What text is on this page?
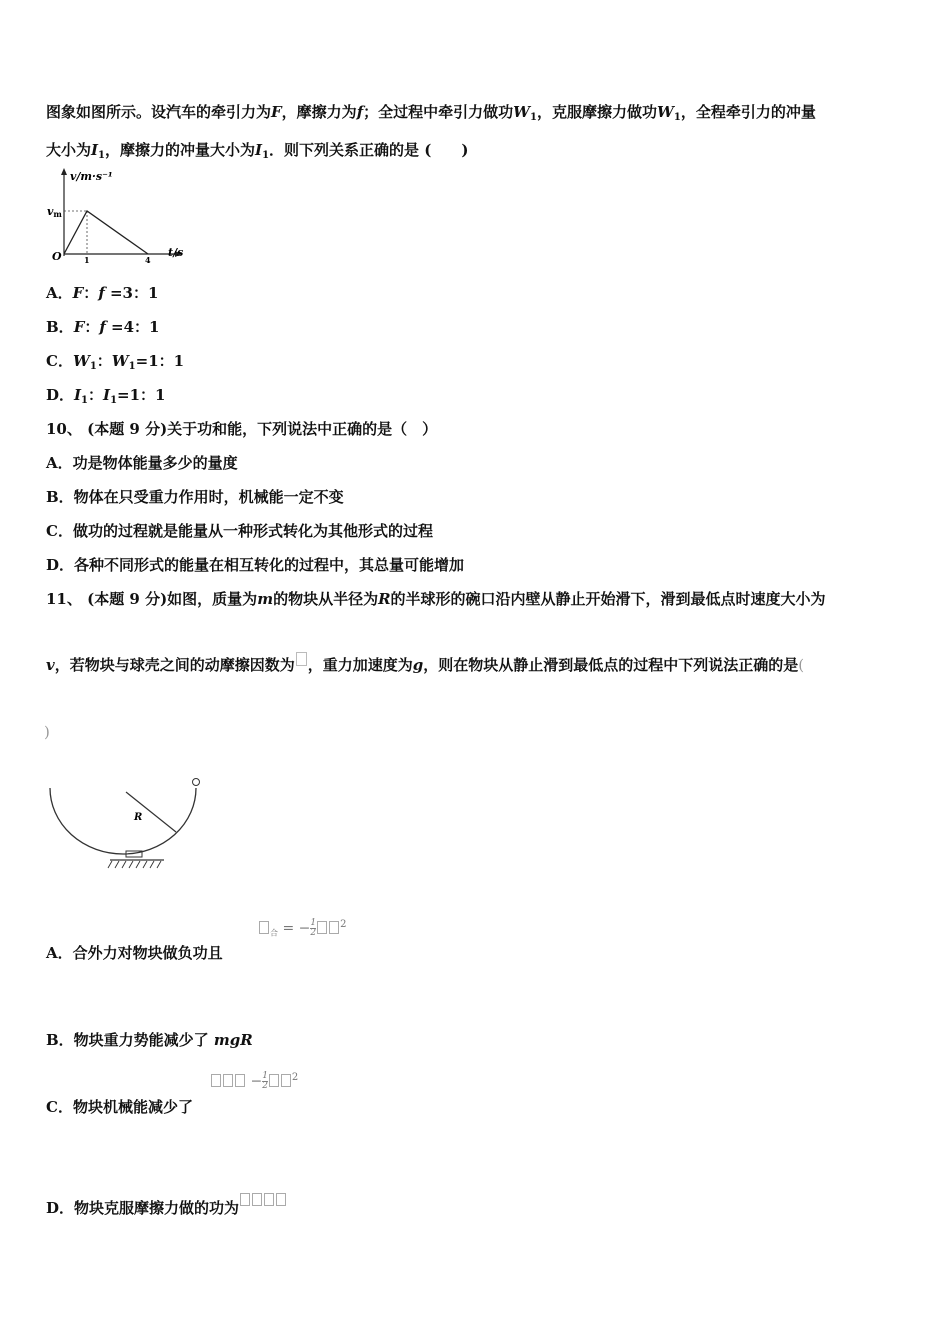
图象如图所示。设汽车的牵引力为F，摩擦力为f；全过程中牵引力做功$W_1$，克服摩擦力做功$W_1$，全程牵引力的冲量
大小为$I_1$，摩擦力的冲量大小为$I_1$．则下列关系正确的是 (　　)
v/m·s⁻¹
vm
O	1	4
t/s
A．F：f =3：1
B．F：f =4：1
C．$W_1$：$W_1=1$：1
D．$I_1$：$I_1=1$：1
10、 (本题 9 分)关于功和能，下列说法中正确的是（　）
A．功是物体能量多少的量度
B．物体在只受重力作用时，机械能一定不变
C．做功的过程就是能量从一种形式转化为其他形式的过程
D．各种不同形式的能量在相互转化的过程中，其总量可能增加
11、 (本题 9 分)如图，质量为m的物块从半径为R的半球形的碗口沿内壁从静止开始滑下，滑到最低点时速度大小为
v，若物块与球壳之间的动摩擦因数为 ，重力加速度为g，则在物块从静止滑到最低点的过程中下列说法正确的是(
)
R
A．合外力对物块做负功且
$_合$ = − $\frac{1}{2} ^2$
B．物块重力势能减少了 mgR
C．物块机械能减少了
− $\frac{1}{2} ^2$
D．物块克服摩擦力做的功为
